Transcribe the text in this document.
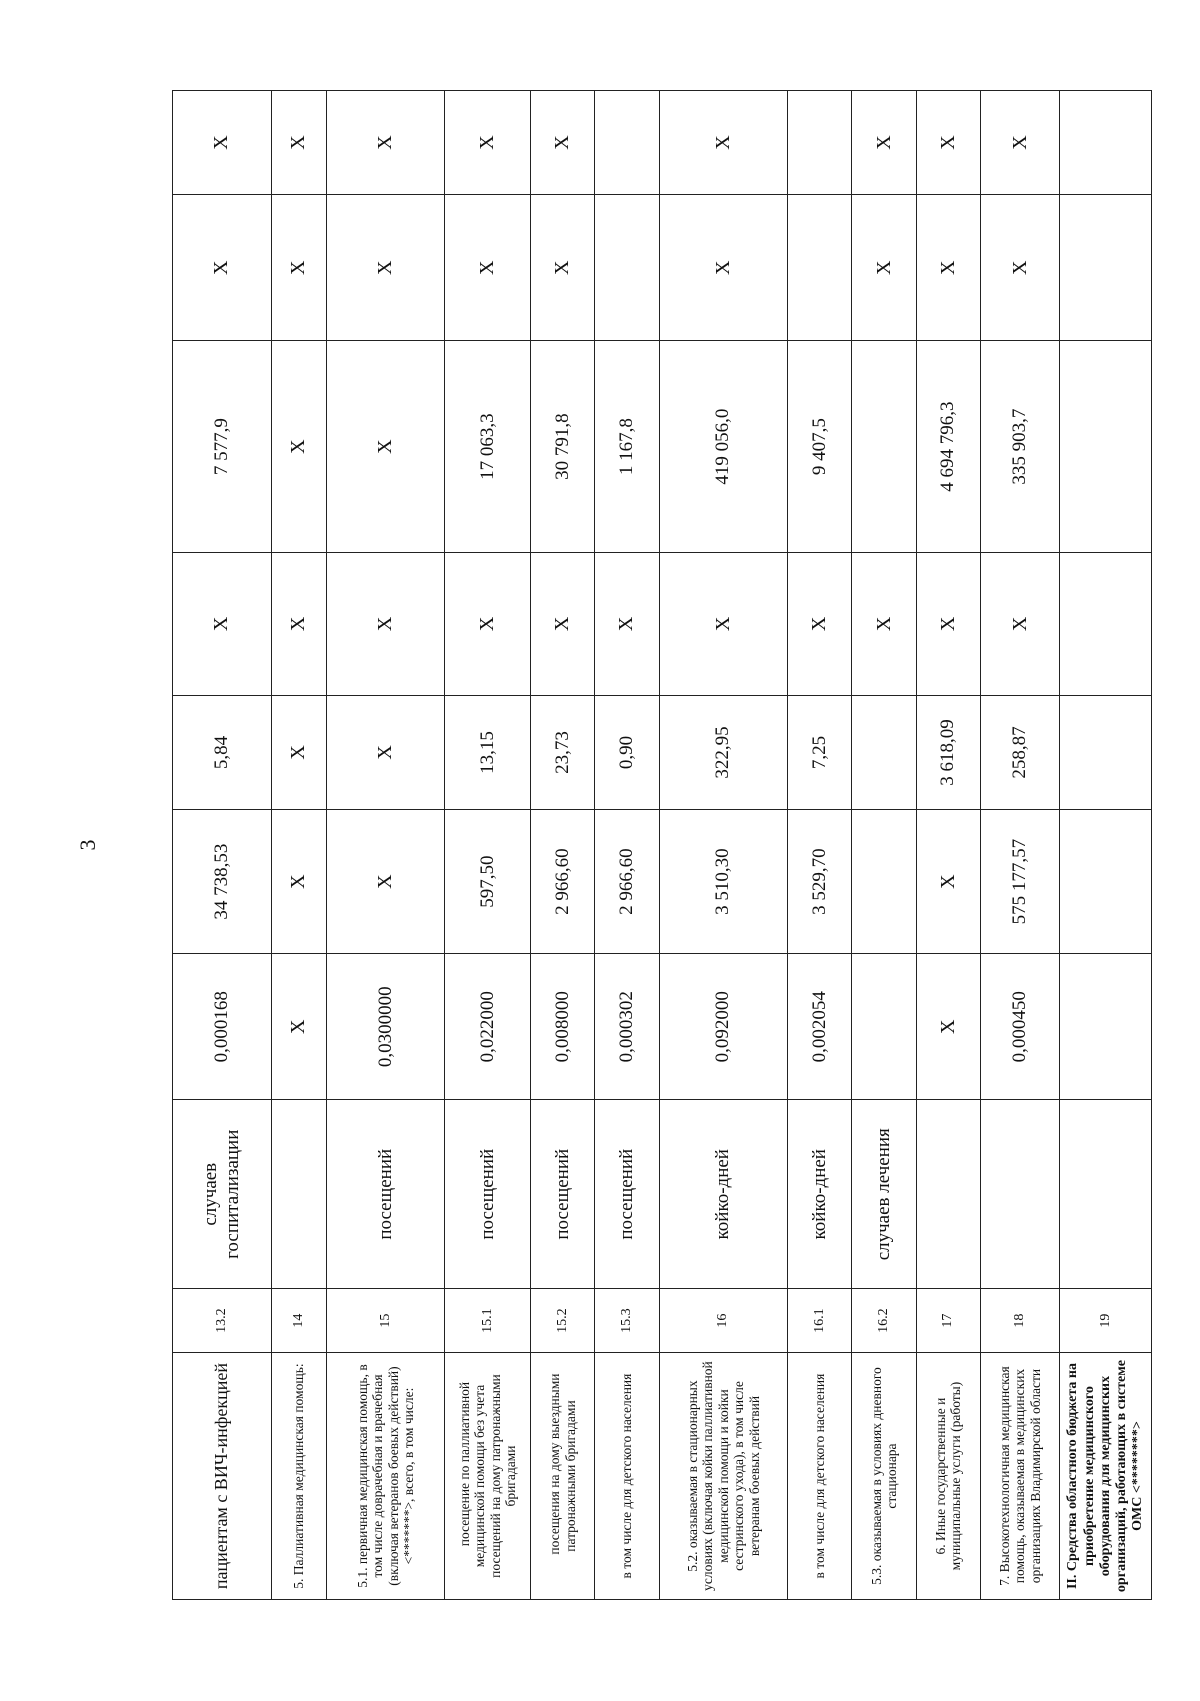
3
пациентам с ВИЧ-инфекцией	13.2	случаев госпитализации	0,000168	34 738,53	5,84	X	7 577,9	X	X
5. Паллиативная медицинская помощь:	14		X	X	X	X	X	X	X
5.1. первичная медицинская помощь, в том числе доврачебная и врачебная (включая ветеранов боевых действий) <*******>, всего, в том числе:	15	посещений	0,0300000	X	X	X	X	X	X
посещение по паллиативной медицинской помощи без учета посещений на дому патронажными бригадами	15.1	посещений	0,022000	597,50	13,15	X	17 063,3	X	X
посещения на дому выездными патронажными бригадами	15.2	посещений	0,008000	2 966,60	23,73	X	30 791,8	X	X
в том числе для детского населения	15.3	посещений	0,000302	2 966,60	0,90	X	1 167,8		
5.2. оказываемая в стационарных условиях (включая койки паллиативной медицинской помощи и койки сестринского ухода), в том числе ветеранам боевых действий	16	койко-дней	0,092000	3 510,30	322,95	X	419 056,0	X	X
в том числе для детского населения	16.1	койко-дней	0,002054	3 529,70	7,25	X	9 407,5		
5.3. оказываемая в условиях дневного стационара	16.2	случаев лечения				X		X	X
6. Иные государственные и муниципальные услуги (работы)	17		X	X	3 618,09	X	4 694 796,3	X	X
7. Высокотехнологичная медицинская помощь, оказываемая в медицинских организациях Владимирской области	18		0,000450	575 177,57	258,87	X	335 903,7	X	X
II. Средства областного бюджета на приобретение медицинского оборудования для медицинских организаций, работающих в системе ОМС <********>	19								
